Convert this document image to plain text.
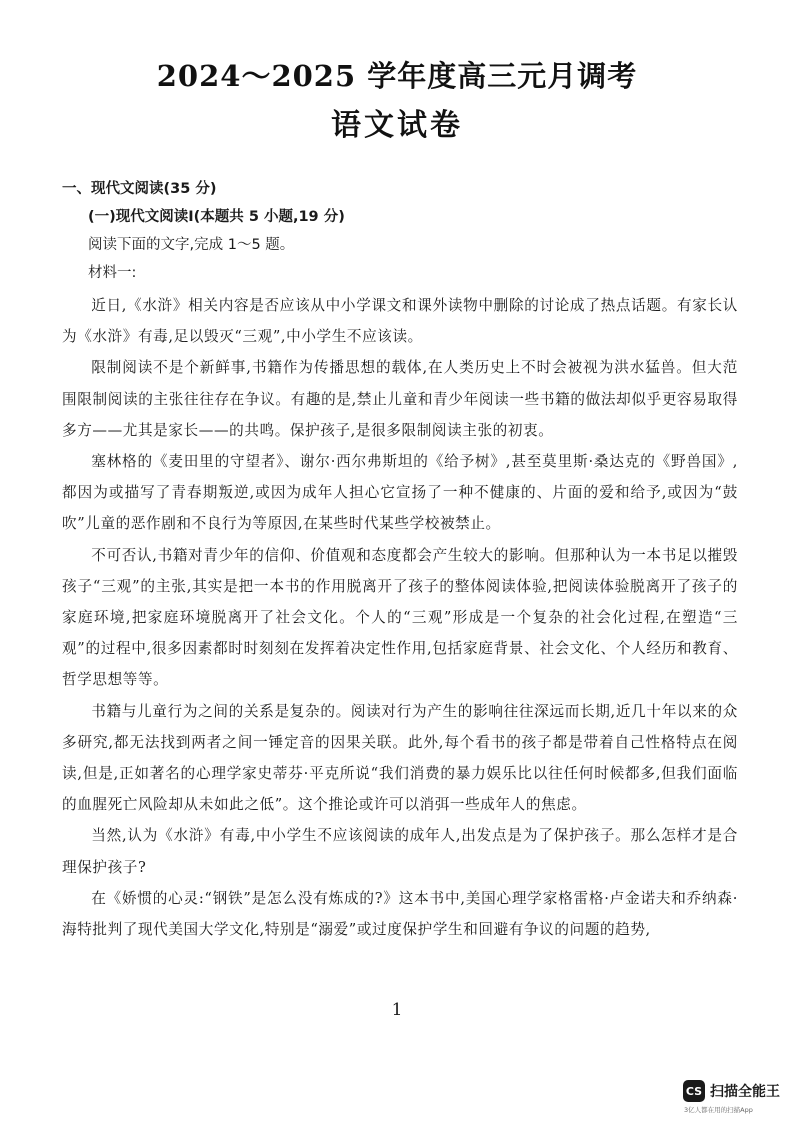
2024～2025 学年度高三元月调考
语文试卷
一、现代文阅读(35 分)
(一)现代文阅读Ⅰ(本题共 5 小题,19 分)
阅读下面的文字,完成 1～5 题。
材料一:

近日,《水浒》相关内容是否应该从中小学课文和课外读物中删除的讨论成了热点话题。有家长认为《水浒》有毒,足以毁灭“三观”,中小学生不应该读。

限制阅读不是个新鲜事,书籍作为传播思想的载体,在人类历史上不时会被视为洪水猛兽。但大范围限制阅读的主张往往存在争议。有趣的是,禁止儿童和青少年阅读一些书籍的做法却似乎更容易取得多方——尤其是家长——的共鸣。保护孩子,是很多限制阅读主张的初衷。

塞林格的《麦田里的守望者》、谢尔·西尔弗斯坦的《给予树》,甚至莫里斯·桑达克的《野兽国》,都因为或描写了青春期叛逆,或因为成年人担心它宣扬了一种不健康的、片面的爱和给予,或因为“鼓吹”儿童的恶作剧和不良行为等原因,在某些时代某些学校被禁止。

不可否认,书籍对青少年的信仰、价值观和态度都会产生较大的影响。但那种认为一本书足以摧毁孩子“三观”的主张,其实是把一本书的作用脱离开了孩子的整体阅读体验,把阅读体验脱离开了孩子的家庭环境,把家庭环境脱离开了社会文化。个人的“三观”形成是一个复杂的社会化过程,在塑造“三观”的过程中,很多因素都时时刻刻在发挥着决定性作用,包括家庭背景、社会文化、个人经历和教育、哲学思想等等。

书籍与儿童行为之间的关系是复杂的。阅读对行为产生的影响往往深远而长期,近几十年以来的众多研究,都无法找到两者之间一锤定音的因果关联。此外,每个看书的孩子都是带着自己性格特点在阅读,但是,正如著名的心理学家史蒂芬·平克所说“我们消费的暴力娱乐比以往任何时候都多,但我们面临的血腥死亡风险却从未如此之低”。这个推论或许可以消弭一些成年人的焦虑。

当然,认为《水浒》有毒,中小学生不应该阅读的成年人,出发点是为了保护孩子。那么怎样才是合理保护孩子?

在《娇惯的心灵:“钢铁”是怎么没有炼成的?》这本书中,美国心理学家格雷格·卢金诺夫和乔纳森·海特批判了现代美国大学文化,特别是“溺爱”或过度保护学生和回避有争议的问题的趋势,

1
CS 扫描全能王
3亿人都在用的扫描App
